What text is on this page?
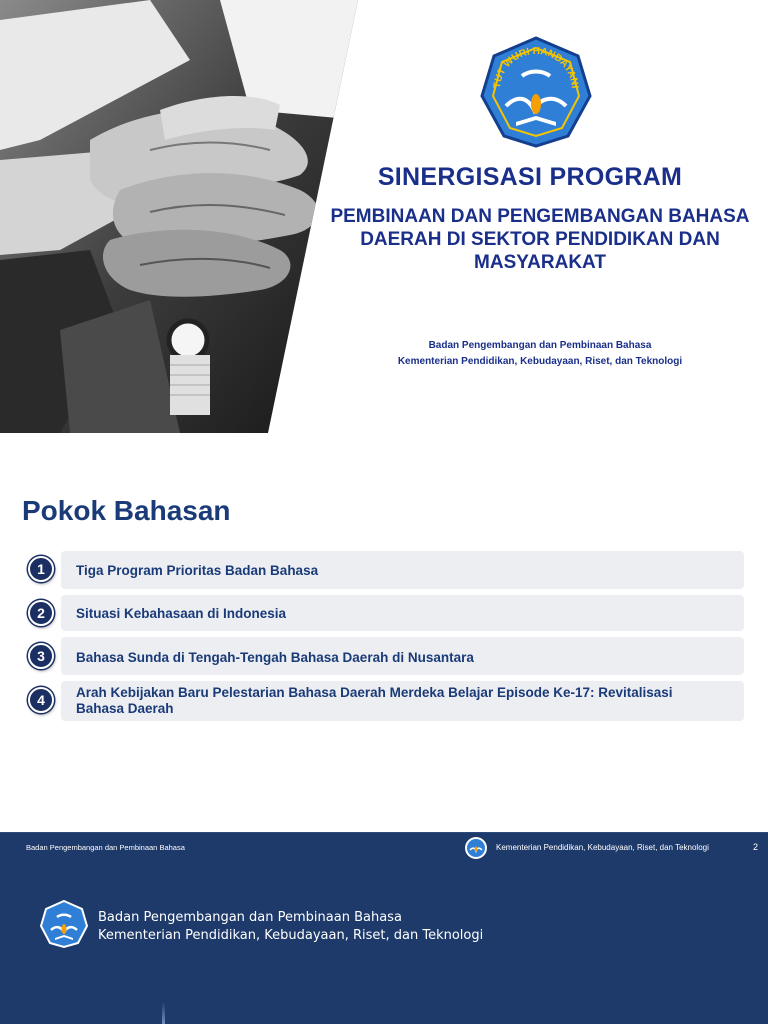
TUT WURI HANDAYANI
SINERGISASI PROGRAM
PEMBINAAN DAN PENGEMBANGAN BAHASA DAERAH DI SEKTOR PENDIDIKAN DAN MASYARAKAT
Badan Pengembangan dan Pembinaan Bahasa
Kementerian Pendidikan, Kebudayaan, Riset, dan Teknologi
Pokok Bahasan
1	Tiga Program Prioritas Badan Bahasa
2	Situasi Kebahasaan di Indonesia
3	Bahasa Sunda di Tengah-Tengah Bahasa Daerah di Nusantara
4	Arah Kebijakan Baru Pelestarian Bahasa Daerah Merdeka Belajar Episode Ke-17: Revitalisasi Bahasa Daerah
Badan Pengembangan dan Pembinaan Bahasa	Kementerian Pendidikan, Kebudayaan, Riset, dan Teknologi	2
Badan Pengembangan dan Pembinaan Bahasa
Kementerian Pendidikan, Kebudayaan, Riset, dan Teknologi
